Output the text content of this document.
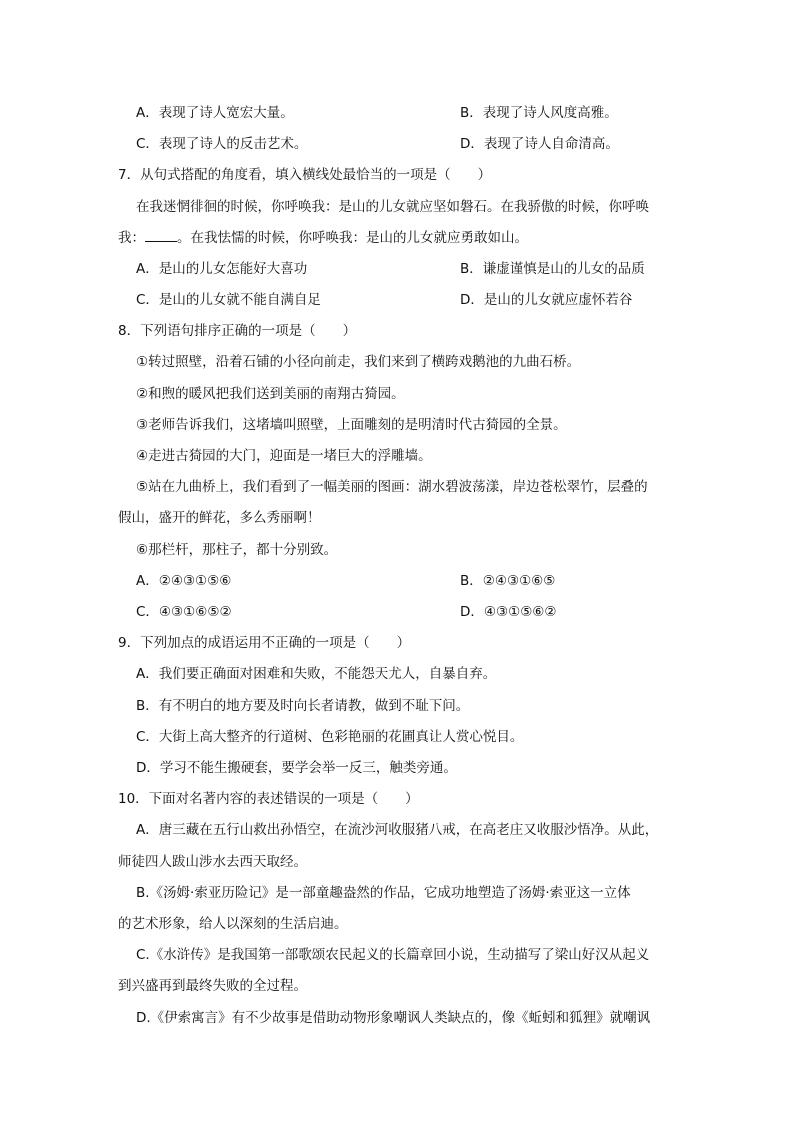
A．表现了诗人宽宏大量。	B．表现了诗人风度高雅。
C．表现了诗人的反击艺术。	D．表现了诗人自命清高。
7．从句式搭配的角度看，填入横线处最恰当的一项是（　　）
在我迷惘徘徊的时候，你呼唤我：是山的儿女就应坚如磐石。在我骄傲的时候，你呼唤
我： 。在我怯懦的时候，你呼唤我：是山的儿女就应勇敢如山。
A．是山的儿女怎能好大喜功	B．谦虚谨慎是山的儿女的品质
C．是山的儿女就不能自满自足	D．是山的儿女就应虚怀若谷
8．下列语句排序正确的一项是（　　）
①转过照壁，沿着石铺的小径向前走，我们来到了横跨戏鹅池的九曲石桥。
②和煦的暖风把我们送到美丽的南翔古猗园。
③老师告诉我们，这堵墙叫照壁，上面雕刻的是明清时代古猗园的全景。
④走进古猗园的大门，迎面是一堵巨大的浮雕墙。
⑤站在九曲桥上，我们看到了一幅美丽的图画：湖水碧波荡漾，岸边苍松翠竹，层叠的
假山，盛开的鲜花，多么秀丽啊！
⑥那栏杆，那柱子，都十分别致。
A．②④③①⑤⑥	B．②④③①⑥⑤
C．④③①⑥⑤②	D．④③①⑤⑥②
9．下列加点的成语运用不正确的一项是（　　）
A．我们要正确面对困难和失败，不能怨天尤人，自暴自弃。
B．有不明白的地方要及时向长者请教，做到不耻下问。
C．大街上高大整齐的行道树、色彩艳丽的花圃真让人赏心悦目。
D．学习不能生搬硬套，要学会举一反三，触类旁通。
10．下面对名著内容的表述错误的一项是（　　）
A．唐三藏在五行山救出孙悟空，在流沙河收服猪八戒，在高老庄又收服沙悟净。从此，
师徒四人跋山涉水去西天取经。
B.《汤姆·索亚历险记》是一部童趣盎然的作品，它成功地塑造了汤姆·索亚这一立体
的艺术形象，给人以深刻的生活启迪。
C.《水浒传》是我国第一部歌颂农民起义的长篇章回小说，生动描写了梁山好汉从起义
到兴盛再到最终失败的全过程。
D.《伊索寓言》有不少故事是借助动物形象嘲讽人类缺点的，像《蚯蚓和狐狸》就嘲讽
